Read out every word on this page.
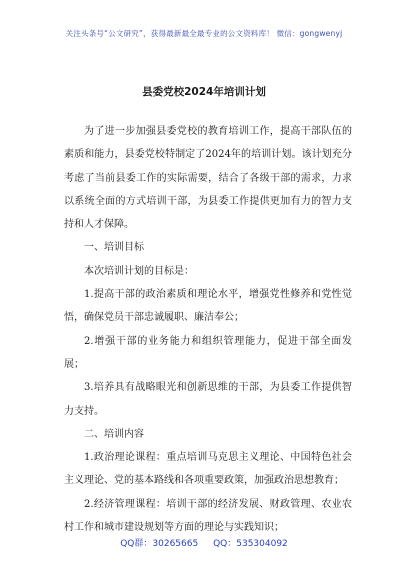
关注头条号“公文研究”，获得最新最全最专业的公文资料库！ 微信：gongwenyj
县委党校2024年培训计划

为了进一步加强县委党校的教育培训工作，提高干部队伍的素质和能力，县委党校特制定了2024年的培训计划。该计划充分考虑了当前县委工作的实际需要，结合了各级干部的需求，力求以系统全面的方式培训干部，为县委工作提供更加有力的智力支持和人才保障。

一、培训目标

本次培训计划的目标是：

1.提高干部的政治素质和理论水平，增强党性修养和党性觉悟，确保党员干部忠诚履职、廉洁奉公；

2.增强干部的业务能力和组织管理能力，促进干部全面发展；

3.培养具有战略眼光和创新思维的干部，为县委工作提供智力支持。

二、培训内容

1.政治理论课程：重点培训马克思主义理论、中国特色社会主义理论、党的基本路线和各项重要政策，加强政治思想教育；

2.经济管理课程：培训干部的经济发展、财政管理、农业农村工作和城市建设规划等方面的理论与实践知识；

QQ群：30265665 QQ：535304092
